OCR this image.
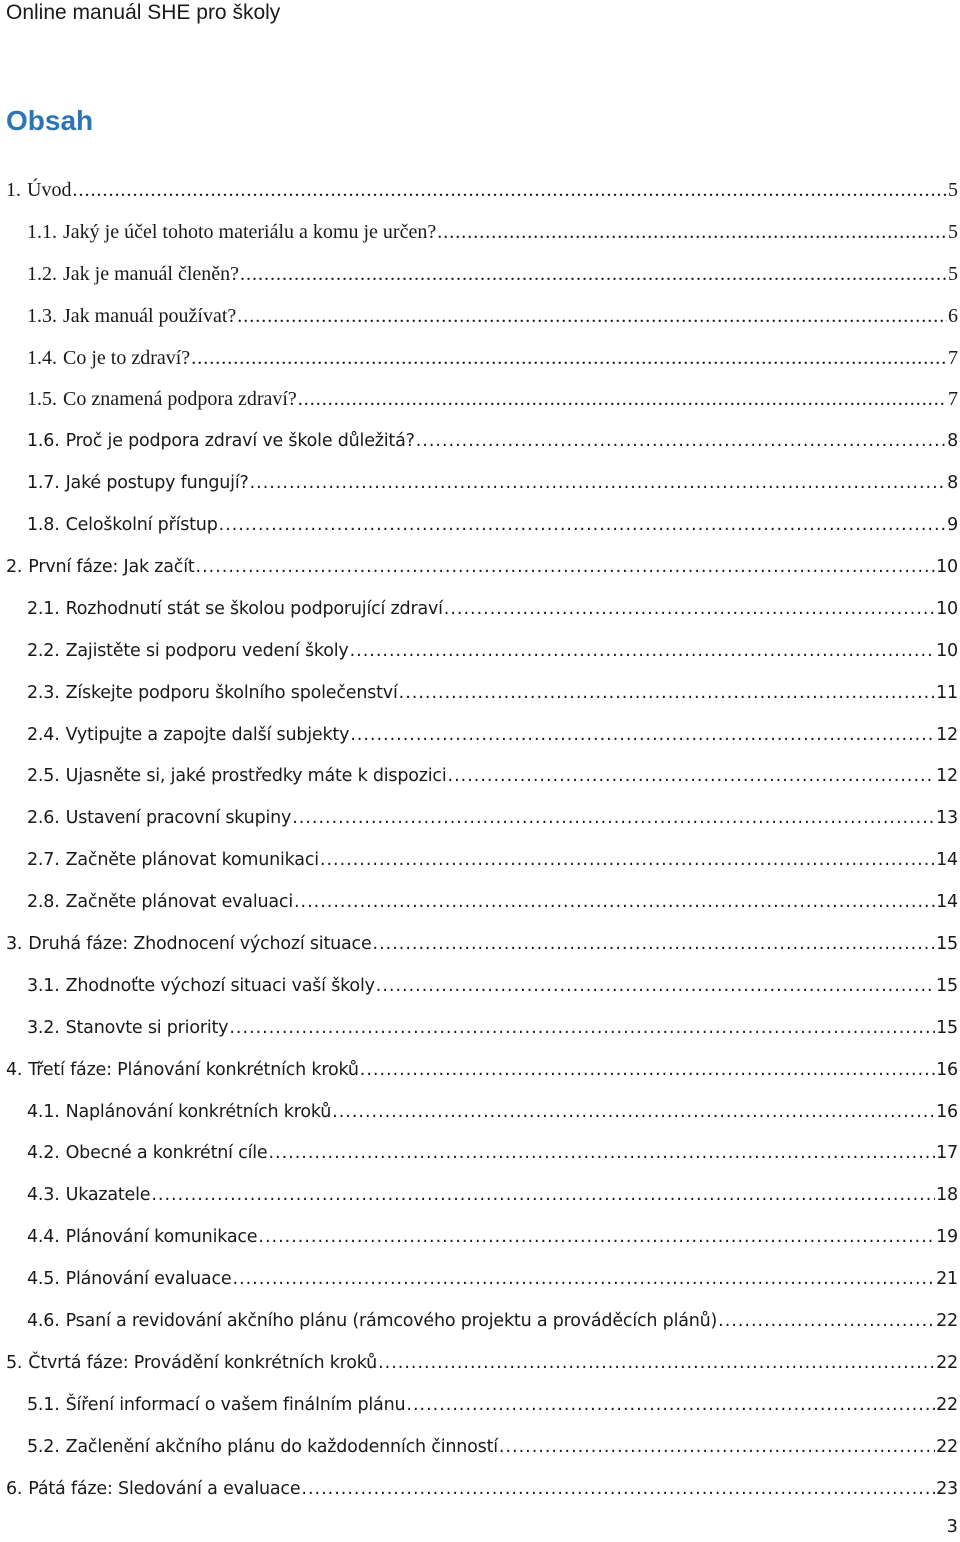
Online manuál SHE pro školy
Obsah
1. Úvod .....	5
1.1. Jaký je účel tohoto materiálu a komu je určen? .....	5
1.2. Jak je manuál členěn? .....	5
1.3. Jak manuál používat? .....	6
1.4. Co je to zdraví? .....	7
1.5. Co znamená podpora zdraví? .....	7
1.6. Proč je podpora zdraví ve škole důležitá? .....	8
1.7. Jaké postupy fungují? .....	8
1.8. Celoškolní přístup .....	9
2. První fáze: Jak začít .....	10
2.1. Rozhodnutí stát se školou podporující zdraví .....	10
2.2. Zajistěte si podporu vedení školy .....	10
2.3. Získejte podporu školního společenství .....	11
2.4. Vytipujte a zapojte další subjekty .....	12
2.5. Ujasněte si, jaké prostředky máte k dispozici .....	12
2.6. Ustavení pracovní skupiny .....	13
2.7. Začněte plánovat komunikaci .....	14
2.8. Začněte plánovat evaluaci .....	14
3. Druhá fáze: Zhodnocení výchozí situace .....	15
3.1. Zhodnoťte výchozí situaci vaší školy .....	15
3.2. Stanovte si priority .....	15
4. Třetí fáze: Plánování konkrétních kroků .....	16
4.1. Naplánování konkrétních kroků .....	16
4.2. Obecné a konkrétní cíle .....	17
4.3. Ukazatele .....	18
4.4. Plánování komunikace .....	19
4.5. Plánování evaluace .....	21
4.6. Psaní a revidování akčního plánu (rámcového projektu a prováděcích plánů) .....	22
5. Čtvrtá fáze: Provádění konkrétních kroků .....	22
5.1. Šíření informací o vašem finálním plánu .....	22
5.2. Začlenění akčního plánu do každodenních činností .....	22
6. Pátá fáze: Sledování a evaluace .....	23
3
